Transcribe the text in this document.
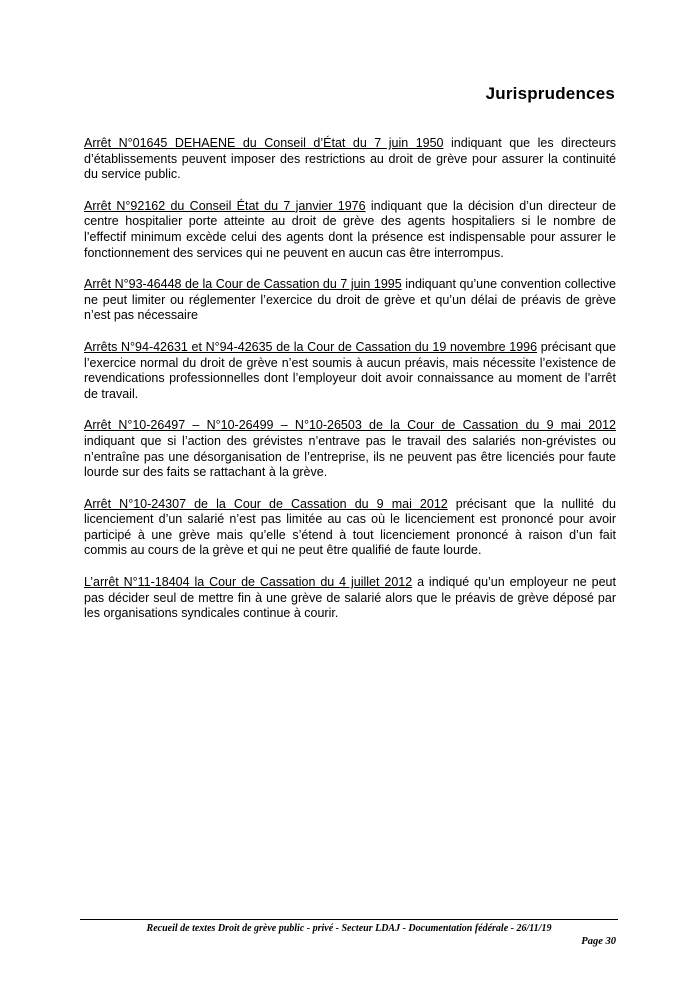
Jurisprudences

Arrêt N°01645 DEHAENE du Conseil d’État du 7 juin 1950 indiquant que les directeurs d’établissements peuvent imposer des restrictions au droit de grève pour assurer la continuité du service public.

Arrêt N°92162 du Conseil État du 7 janvier 1976 indiquant que la décision d’un directeur de centre hospitalier porte atteinte au droit de grève des agents hospitaliers si le nombre de l’effectif minimum excède celui des agents dont la présence est indispensable pour assurer le fonctionnement des services qui ne peuvent en aucun cas être interrompus.

Arrêt N°93-46448 de la Cour de Cassation du 7 juin 1995 indiquant qu’une convention collective ne peut limiter ou réglementer l’exercice du droit de grève et qu’un délai de préavis de grève n’est pas nécessaire

Arrêts N°94-42631 et N°94-42635 de la Cour de Cassation du 19 novembre 1996 précisant que l’exercice normal du droit de grève n’est soumis à aucun préavis, mais nécessite l’existence de revendications professionnelles dont l’employeur doit avoir connaissance au moment de l’arrêt de travail.

Arrêt N°10-26497 – N°10-26499 – N°10-26503 de la Cour de Cassation du 9 mai 2012 indiquant que si l’action des grévistes n’entrave pas le travail des salariés non-grévistes ou n’entraîne pas une désorganisation de l’entreprise, ils ne peuvent pas être licenciés pour faute lourde sur des faits se rattachant à la grève.

Arrêt N°10-24307 de la Cour de Cassation du 9 mai 2012 précisant que la nullité du licenciement d’un salarié n’est pas limitée au cas où le licenciement est prononcé pour avoir participé à une grève mais qu’elle s’étend à tout licenciement prononcé à raison d’un fait commis au cours de la grève et qui ne peut être qualifié de faute lourde.

L’arrêt N°11-18404 la Cour de Cassation du 4 juillet 2012 a indiqué qu’un employeur ne peut pas décider seul de mettre fin à une grève de salarié alors que le préavis de grève déposé par les organisations syndicales continue à courir.

Recueil de textes Droit de grève public - privé - Secteur LDAJ - Documentation fédérale - 26/11/19
Page 30
